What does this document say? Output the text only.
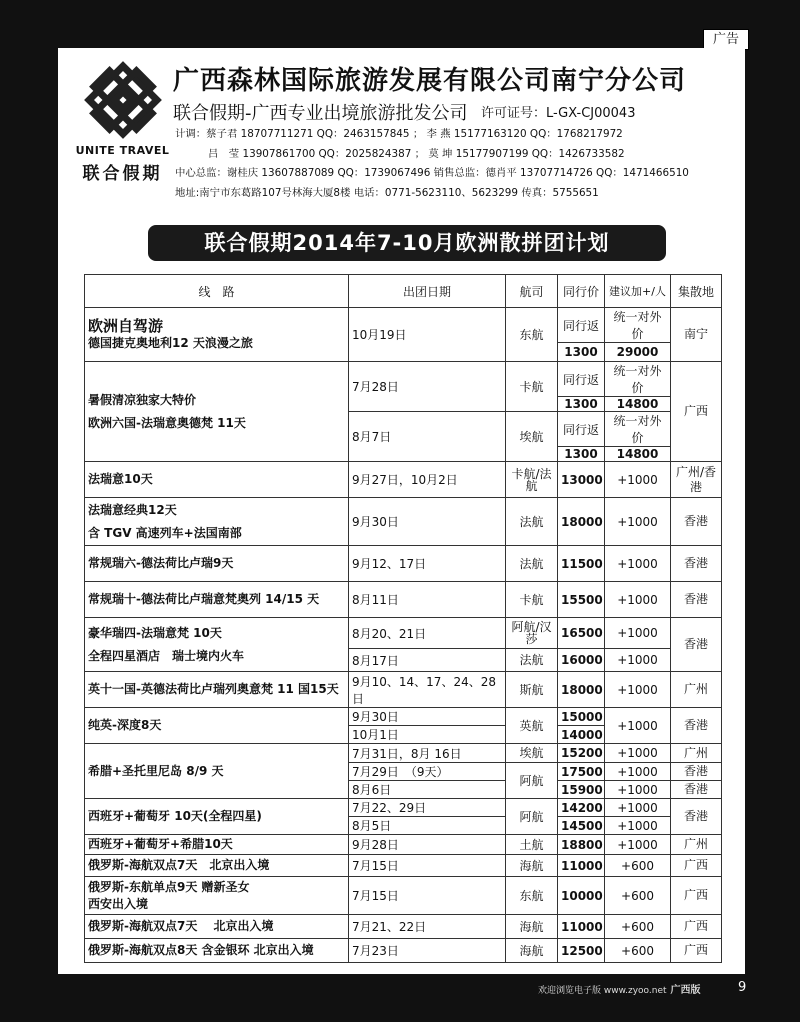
广告
UNITE TRAVEL
联合假期
广西森林国际旅游发展有限公司南宁分公司
联合假期-广西专业出境旅游批发公司 许可证号：L-GX-CJ00043
计调：蔡子君 18707711271 QQ：2463157845 ； 李 燕 15177163120 QQ：1768217972
吕　莹 13907861700 QQ：2025824387 ； 莫 坤 15177907199 QQ：1426733582
中心总监：谢桂庆 13607887089 QQ：1739067496 销售总监：德肖平 13707714726 QQ：1471466510
地址:南宁市东葛路107号林海大厦8楼 电话：0771-5623110、5623299 传真：5755651
联合假期2014年7-10月欧洲散拼团计划
线　路	出团日期	航司	同行价	建议加+/人	集散地

欧洲自驾游
德国捷克奥地利12 天浪漫之旅	10月19日	东航	同行返	统一对外价	南宁
			1300	29000	

暑假清凉独家大特价
欧洲六国-法瑞意奥德梵 11天	7月28日	卡航	同行返	统一对外价	广西
			1300	14800	
	8月7日	埃航	同行返	统一对外价	
			1300	14800	
法瑞意10天	9月27日，10月2日	卡航/法航	13000	+1000	广州/香港

法瑞意经典12天
含 TGV 高速列车+法国南部	9月30日	法航	18000	+1000	香港
常规瑞六-德法荷比卢瑞9天	9月12、17日	法航	11500	+1000	香港
常规瑞十-德法荷比卢瑞意梵奥列 14/15 天	8月11日	卡航	15500	+1000	香港

豪华瑞四-法瑞意梵 10天
全程四星酒店　瑞士境内火车	8月20、21日	阿航/汉莎	16500	+1000	香港
	8月17日	法航	16000	+1000	
英十一国-英德法荷比卢瑞列奥意梵 11 国15天	9月10、14、17、24、28日	斯航	18000	+1000	广州
纯英-深度8天	9月30日	英航	15000	+1000	香港
	10月1日		14000		
希腊+圣托里尼岛 8/9 天	7月31日，8月 16日	埃航	15200	+1000	广州
	7月29日　（9天）	阿航	17500	+1000	香港
	8月6日		15900	+1000	香港
西班牙+葡萄牙 10天(全程四星)	7月22、29日	阿航	14200	+1000	香港
	8月5日		14500	+1000	
西班牙+葡萄牙+希腊10天	9月28日	土航	18800	+1000	广州
俄罗斯-海航双点7天　北京出入境	7月15日	海航	11000	+600	广西

俄罗斯-东航单点9天 赠新圣女
西安出入境	7月15日	东航	10000	+600	广西
俄罗斯-海航双点7天　 北京出入境	7月21、22日	海航	11000	+600	广西
俄罗斯-海航双点8天 含金银环 北京出入境	7月23日	海航	12500	+600	广西
欢迎浏览电子版 www.zyoo.net 广西版	9
